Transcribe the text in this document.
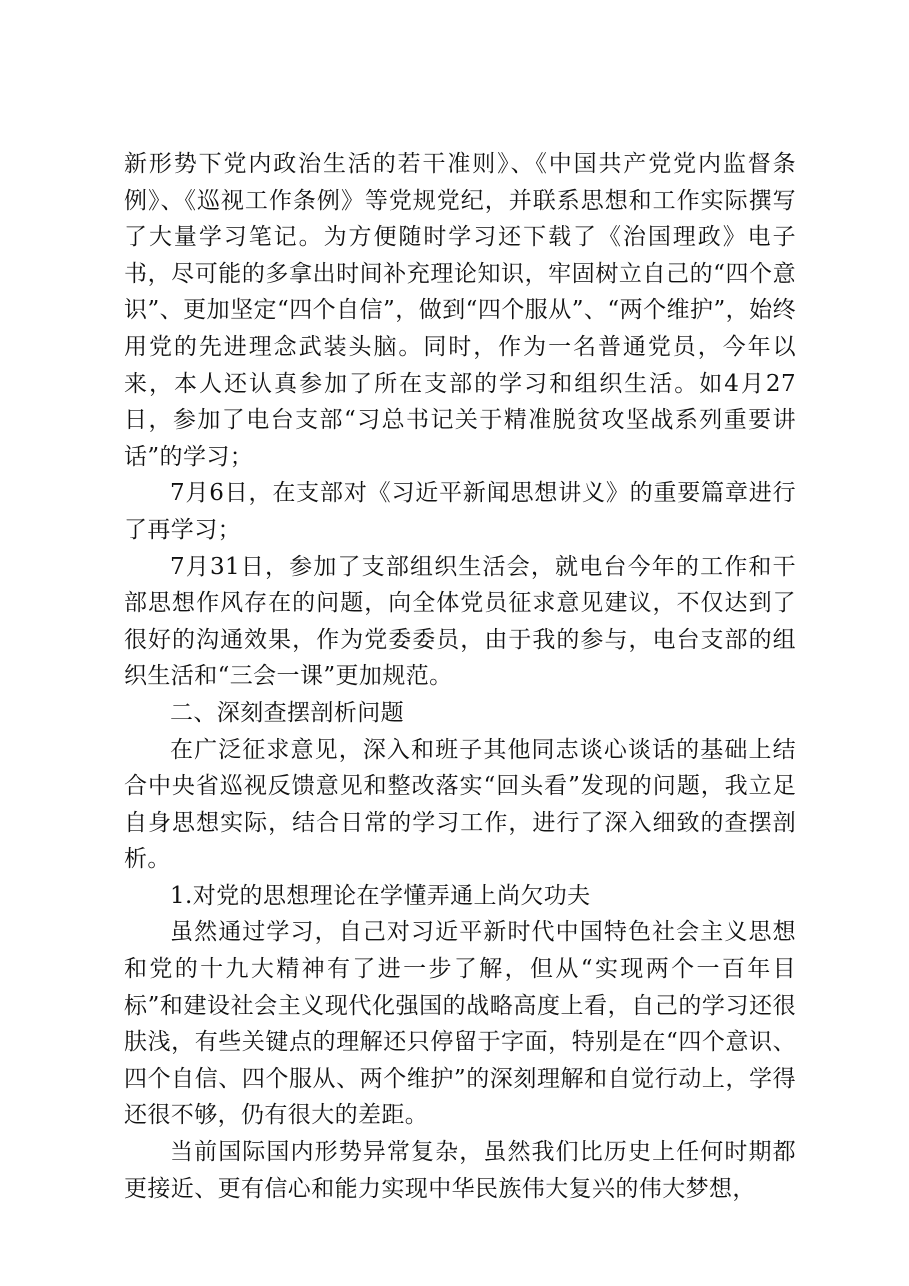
新形势下党内政治生活的若干准则》、《中国共产党党内监督条例》、《巡视工作条例》等党规党纪，并联系思想和工作实际撰写了大量学习笔记。为方便随时学习还下载了《治国理政》电子书，尽可能的多拿出时间补充理论知识，牢固树立自己的“四个意识”、更加坚定“四个自信”，做到“四个服从”、“两个维护”，始终用党的先进理念武装头脑。同时，作为一名普通党员，今年以来，本人还认真参加了所在支部的学习和组织生活。如4月27日，参加了电台支部“习总书记关于精准脱贫攻坚战系列重要讲话”的学习；

7月6日，在支部对《习近平新闻思想讲义》的重要篇章进行了再学习；

7月31日，参加了支部组织生活会，就电台今年的工作和干部思想作风存在的问题，向全体党员征求意见建议，不仅达到了很好的沟通效果，作为党委委员，由于我的参与，电台支部的组织生活和“三会一课”更加规范。

二、深刻查摆剖析问题

在广泛征求意见，深入和班子其他同志谈心谈话的基础上结合中央省巡视反馈意见和整改落实“回头看”发现的问题，我立足自身思想实际，结合日常的学习工作，进行了深入细致的查摆剖析。

1.对党的思想理论在学懂弄通上尚欠功夫

虽然通过学习，自己对习近平新时代中国特色社会主义思想和党的十九大精神有了进一步了解，但从“实现两个一百年目标”和建设社会主义现代化强国的战略高度上看，自己的学习还很肤浅，有些关键点的理解还只停留于字面，特别是在“四个意识、四个自信、四个服从、两个维护”的深刻理解和自觉行动上，学得还很不够，仍有很大的差距。

当前国际国内形势异常复杂，虽然我们比历史上任何时期都更接近、更有信心和能力实现中华民族伟大复兴的伟大梦想，
